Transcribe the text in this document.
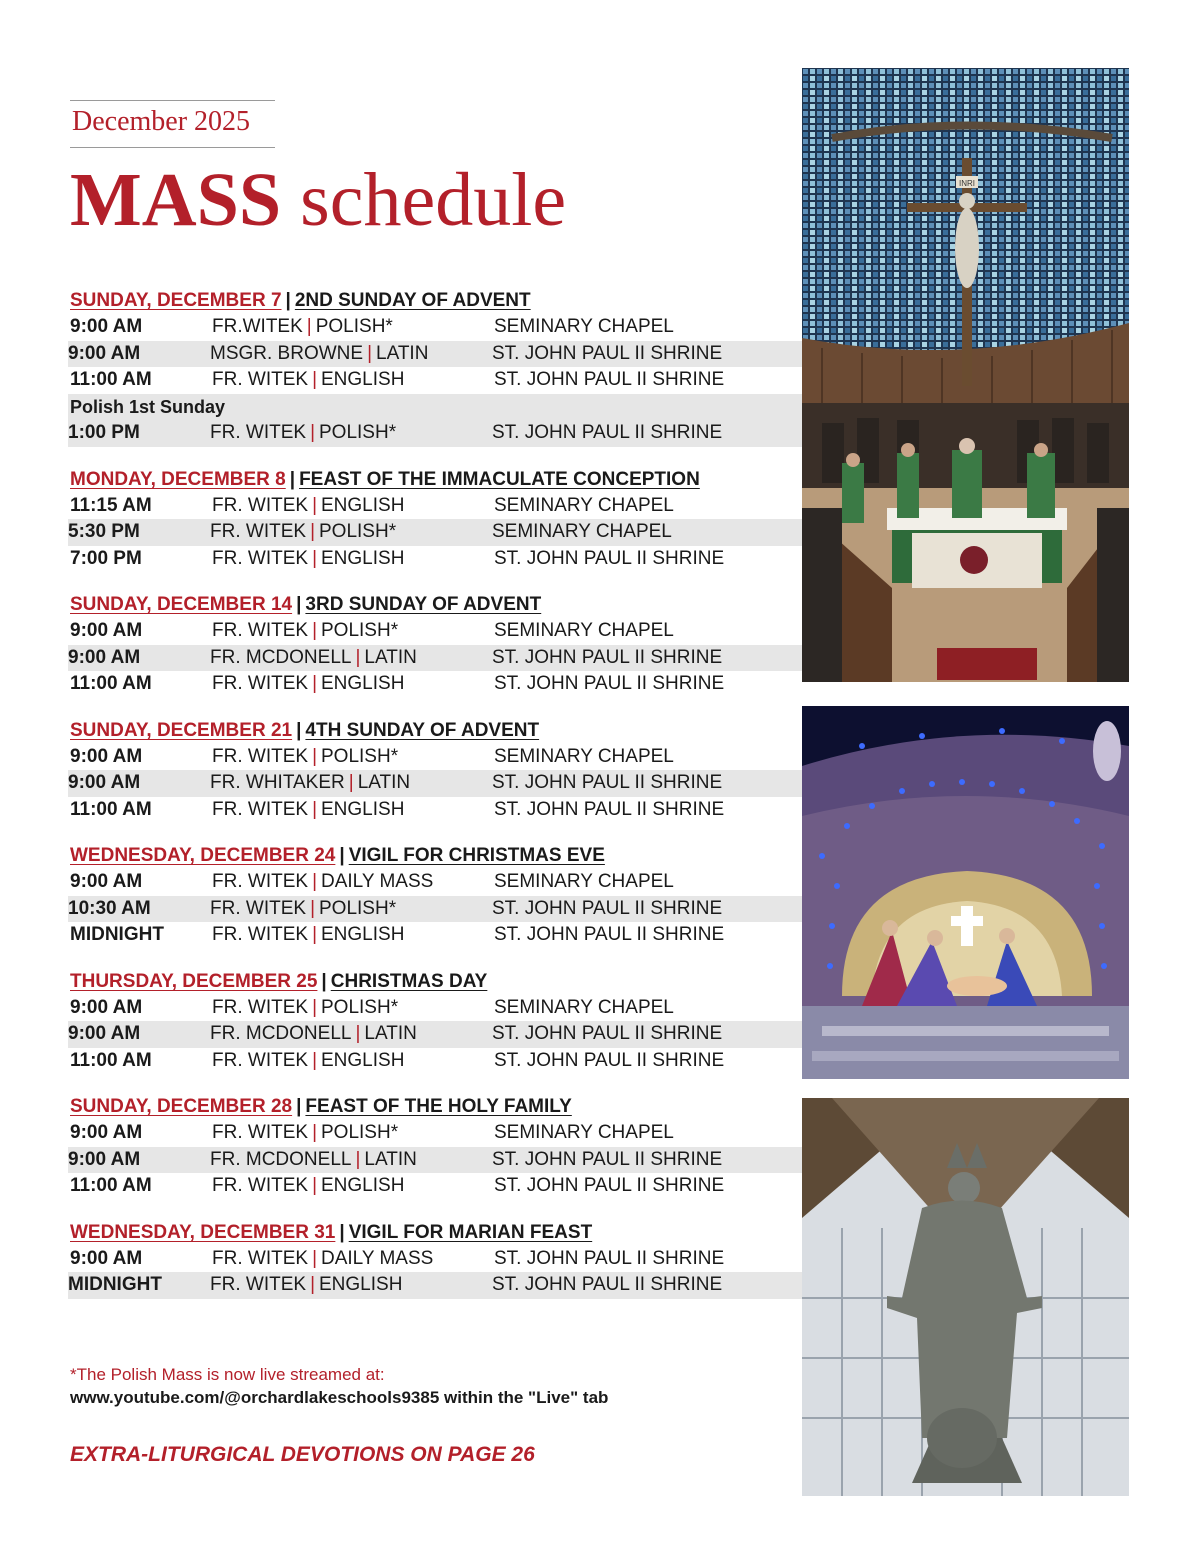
December 2025
MASS schedule
SUNDAY, DECEMBER 7 | 2ND SUNDAY OF ADVENT
9:00 AM	FR.WITEK | POLISH*	SEMINARY CHAPEL
9:00 AM	MSGR. BROWNE | LATIN	ST. JOHN PAUL II SHRINE
11:00 AM	FR. WITEK | ENGLISH	ST. JOHN PAUL II SHRINE
Polish 1st Sunday
1:00 PM	FR. WITEK | POLISH*	ST. JOHN PAUL II SHRINE
MONDAY, DECEMBER 8 | FEAST OF THE IMMACULATE CONCEPTION
11:15 AM	FR. WITEK | ENGLISH	SEMINARY CHAPEL
5:30 PM	FR. WITEK | POLISH*	SEMINARY CHAPEL
7:00 PM	FR. WITEK | ENGLISH	ST. JOHN PAUL II SHRINE
SUNDAY, DECEMBER 14 | 3RD SUNDAY OF ADVENT
9:00 AM	FR. WITEK | POLISH*	SEMINARY CHAPEL
9:00 AM	FR. MCDONELL | LATIN	ST. JOHN PAUL II SHRINE
11:00 AM	FR. WITEK | ENGLISH	ST. JOHN PAUL II SHRINE
SUNDAY, DECEMBER 21 | 4TH SUNDAY OF ADVENT
9:00 AM	FR. WITEK | POLISH*	SEMINARY CHAPEL
9:00 AM	FR. WHITAKER | LATIN	ST. JOHN PAUL II SHRINE
11:00 AM	FR. WITEK | ENGLISH	ST. JOHN PAUL II SHRINE
WEDNESDAY, DECEMBER 24 | VIGIL FOR CHRISTMAS EVE
9:00 AM	FR. WITEK | DAILY MASS	SEMINARY CHAPEL
10:30 AM	FR. WITEK | POLISH*	ST. JOHN PAUL II SHRINE
MIDNIGHT	FR. WITEK | ENGLISH	ST. JOHN PAUL II SHRINE
THURSDAY, DECEMBER 25 | CHRISTMAS DAY
9:00 AM	FR. WITEK | POLISH*	SEMINARY CHAPEL
9:00 AM	FR. MCDONELL | LATIN	ST. JOHN PAUL II SHRINE
11:00 AM	FR. WITEK | ENGLISH	ST. JOHN PAUL II SHRINE
SUNDAY, DECEMBER 28 | FEAST OF THE HOLY FAMILY
9:00 AM	FR. WITEK | POLISH*	SEMINARY CHAPEL
9:00 AM	FR. MCDONELL | LATIN	ST. JOHN PAUL II SHRINE
11:00 AM	FR. WITEK | ENGLISH	ST. JOHN PAUL II SHRINE
WEDNESDAY, DECEMBER 31 | VIGIL FOR MARIAN FEAST
9:00 AM	FR. WITEK | DAILY MASS	ST. JOHN PAUL II SHRINE
MIDNIGHT	FR. WITEK | ENGLISH	ST. JOHN PAUL II SHRINE
*The Polish Mass is now live streamed at:
www.youtube.com/@orchardlakeschools9385 within the "Live" tab
EXTRA-LITURGICAL DEVOTIONS ON PAGE 26
INRI
